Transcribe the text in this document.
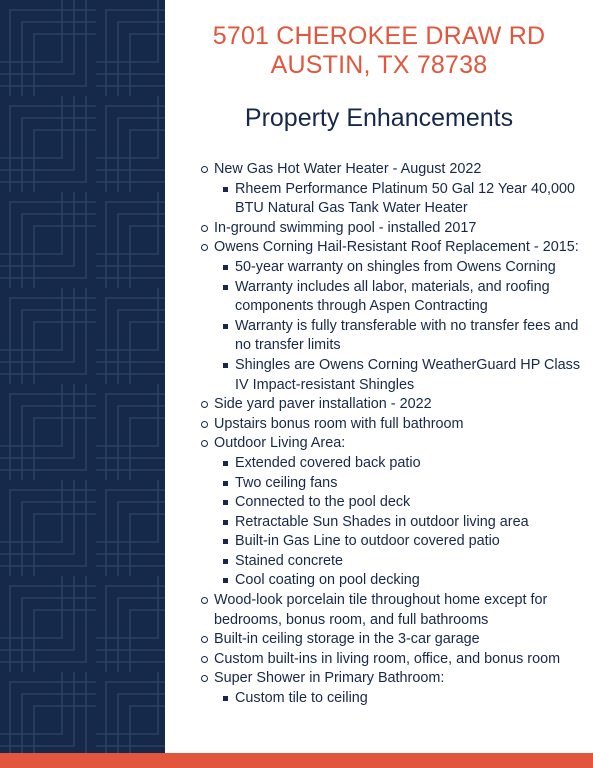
5701 CHEROKEE DRAW RD
AUSTIN, TX 78738
Property Enhancements
New Gas Hot Water Heater - August 2022
Rheem Performance Platinum 50 Gal 12 Year 40,000 BTU Natural Gas Tank Water Heater
In-ground swimming pool - installed 2017
Owens Corning Hail-Resistant Roof Replacement - 2015:
50-year warranty on shingles from Owens Corning
Warranty includes all labor, materials, and roofing components through Aspen Contracting
Warranty is fully transferable with no transfer fees and no transfer limits
Shingles are Owens Corning WeatherGuard HP Class IV Impact-resistant Shingles
Side yard paver installation - 2022
Upstairs bonus room with full bathroom
Outdoor Living Area:
Extended covered back patio
Two ceiling fans
Connected to the pool deck
Retractable Sun Shades in outdoor living area
Built-in Gas Line to outdoor covered patio
Stained concrete
Cool coating on pool decking
Wood-look porcelain tile throughout home except for bedrooms, bonus room, and full bathrooms
Built-in ceiling storage in the 3-car garage
Custom built-ins in living room, office, and bonus room
Super Shower in Primary Bathroom:
Custom tile to ceiling
